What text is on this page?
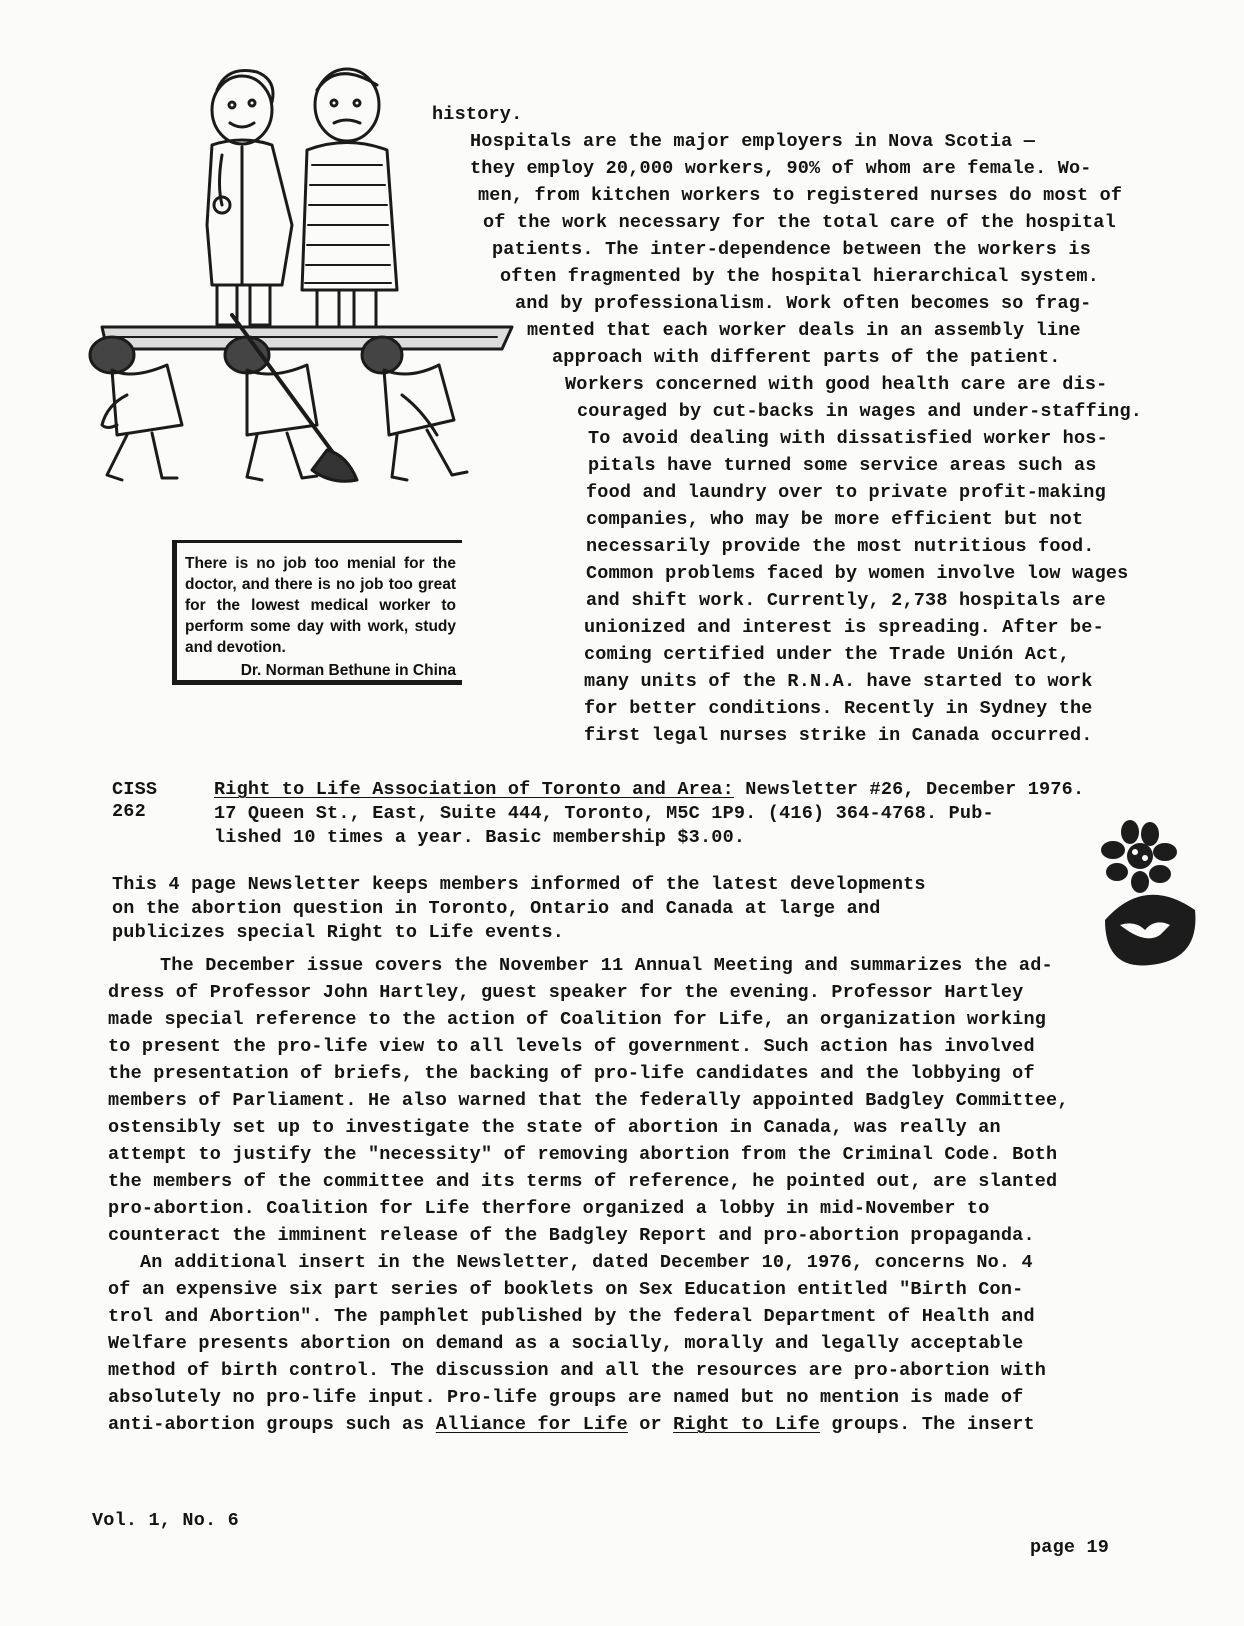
There is no job too menial for the doctor, and there is no job too great for the lowest medical worker to perform some day with work, study and devotion.
Dr. Norman Bethune in China
history.
Hospitals are the major employers in Nova Scotia —
they employ 20,000 workers, 90% of whom are female. Wo-
men, from kitchen workers to registered nurses do most of
of the work necessary for the total care of the hospital
patients. The inter-dependence between the workers is
often fragmented by the hospital hierarchical system.
and by professionalism. Work often becomes so frag-
mented that each worker deals in an assembly line
approach with different parts of the patient.
Workers concerned with good health care are dis-
couraged by cut-backs in wages and under-staffing.
To avoid dealing with dissatisfied worker hos-
pitals have turned some service areas such as
food and laundry over to private profit-making
companies, who may be more efficient but not
necessarily provide the most nutritious food.
Common problems faced by women involve low wages
and shift work. Currently, 2,738 hospitals are
unionized and interest is spreading. After be-
coming certified under the Trade Unión Act,
many units of the R.N.A. have started to work
for better conditions. Recently in Sydney the
first legal nurses strike in Canada occurred.
CISS
262
Right to Life Association of Toronto and Area: Newsletter #26, December 1976.
17 Queen St., East, Suite 444, Toronto, M5C 1P9. (416) 364-4768. Pub-
lished 10 times a year. Basic membership $3.00.
This 4 page Newsletter keeps members informed of the latest developments
on the abortion question in Toronto, Ontario and Canada at large and
publicizes special Right to Life events.
The December issue covers the November 11 Annual Meeting and summarizes the ad-
dress of Professor John Hartley, guest speaker for the evening. Professor Hartley
made special reference to the action of Coalition for Life, an organization working
to present the pro-life view to all levels of government. Such action has involved
the presentation of briefs, the backing of pro-life candidates and the lobbying of
members of Parliament. He also warned that the federally appointed Badgley Committee,
ostensibly set up to investigate the state of abortion in Canada, was really an
attempt to justify the "necessity" of removing abortion from the Criminal Code. Both
the members of the committee and its terms of reference, he pointed out, are slanted
pro-abortion. Coalition for Life therfore organized a lobby in mid-November to
counteract the imminent release of the Badgley Report and pro-abortion propaganda.
An additional insert in the Newsletter, dated December 10, 1976, concerns No. 4
of an expensive six part series of booklets on Sex Education entitled "Birth Con-
trol and Abortion". The pamphlet published by the federal Department of Health and
Welfare presents abortion on demand as a socially, morally and legally acceptable
method of birth control. The discussion and all the resources are pro-abortion with
absolutely no pro-life input. Pro-life groups are named but no mention is made of
anti-abortion groups such as Alliance for Life or Right to Life groups. The insert
Vol. 1, No. 6
page 19
